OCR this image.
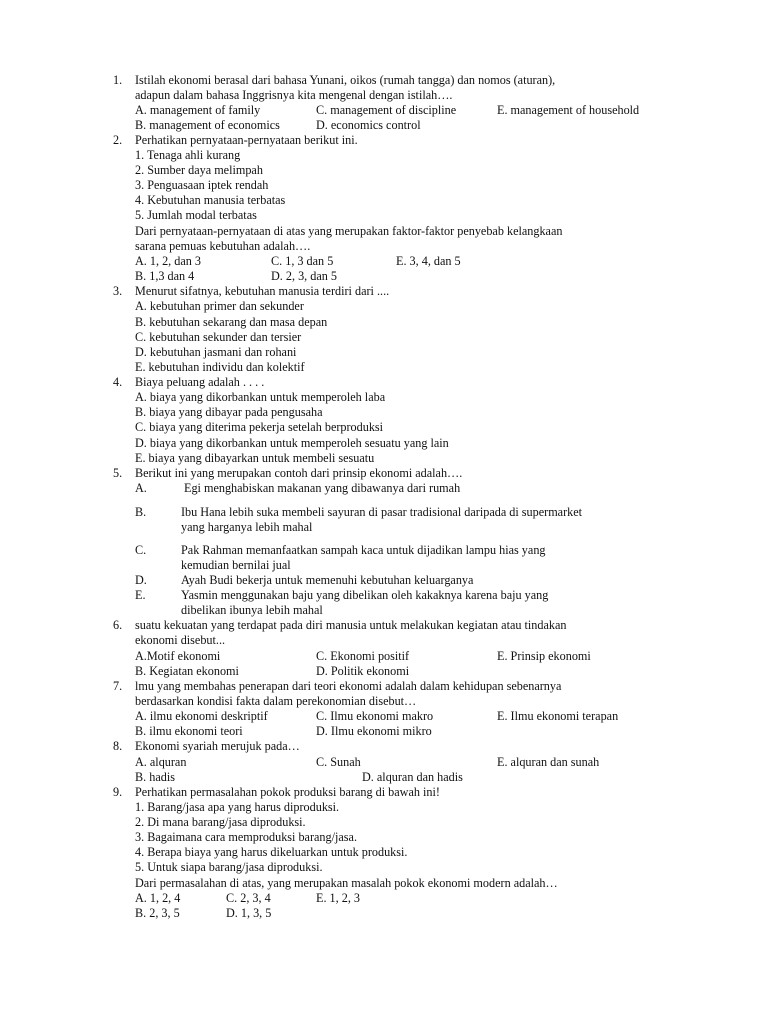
1. Istilah ekonomi berasal dari bahasa Yunani, oikos (rumah tangga) dan nomos (aturan),
adapun dalam bahasa Inggrisnya kita mengenal dengan istilah….
A. management of family	C. management of discipline	E. management of household
B. management of economics	D. economics control
2. Perhatikan pernyataan-pernyataan berikut ini.
1. Tenaga ahli kurang
2. Sumber daya melimpah
3. Penguasaan iptek rendah
4. Kebutuhan manusia terbatas
5. Jumlah modal terbatas
Dari pernyataan-pernyataan di atas yang merupakan faktor-faktor penyebab kelangkaan
sarana pemuas kebutuhan adalah….
A. 1, 2, dan 3	C. 1, 3 dan 5	E. 3, 4, dan 5
B. 1,3 dan 4	D. 2, 3, dan 5
3. Menurut sifatnya, kebutuhan manusia terdiri dari ....
A. kebutuhan primer dan sekunder
B. kebutuhan sekarang dan masa depan
C. kebutuhan sekunder dan tersier
D. kebutuhan jasmani dan rohani
E. kebutuhan individu dan kolektif
4. Biaya peluang adalah . . . .
A. biaya yang dikorbankan untuk memperoleh laba
B. biaya yang dibayar pada pengusaha
C. biaya yang diterima pekerja setelah berproduksi
D. biaya yang dikorbankan untuk memperoleh sesuatu yang lain
E. biaya yang dibayarkan untuk membeli sesuatu
5. Berikut ini yang merupakan contoh dari prinsip ekonomi adalah….
A.	Egi menghabiskan makanan yang dibawanya dari rumah
B.	Ibu Hana lebih suka membeli sayuran di pasar tradisional daripada di supermarket
yang harganya lebih mahal
C.	Pak Rahman memanfaatkan sampah kaca untuk dijadikan lampu hias yang
kemudian bernilai jual
D.	Ayah Budi bekerja untuk memenuhi kebutuhan keluarganya
E.	Yasmin menggunakan baju yang dibelikan oleh kakaknya karena baju yang
dibelikan ibunya lebih mahal
6. suatu kekuatan yang terdapat pada diri manusia untuk melakukan kegiatan atau tindakan
ekonomi disebut...
A.Motif ekonomi	C. Ekonomi positif	E. Prinsip ekonomi
B. Kegiatan ekonomi	D. Politik ekonomi
7. lmu yang membahas penerapan dari teori ekonomi adalah dalam kehidupan sebenarnya
berdasarkan kondisi fakta dalam perekonomian disebut…
A. ilmu ekonomi deskriptif	C. Ilmu ekonomi makro	E. Ilmu ekonomi terapan
B. ilmu ekonomi teori	D. Ilmu ekonomi mikro
8. Ekonomi syariah merujuk pada…
A. alquran	C. Sunah	E. alquran dan sunah
B. hadis	D. alquran dan hadis
9. Perhatikan permasalahan pokok produksi barang di bawah ini!
1. Barang/jasa apa yang harus diproduksi.
2. Di mana barang/jasa diproduksi.
3. Bagaimana cara memproduksi barang/jasa.
4. Berapa biaya yang harus dikeluarkan untuk produksi.
5. Untuk siapa barang/jasa diproduksi.
Dari permasalahan di atas, yang merupakan masalah pokok ekonomi modern adalah…
A. 1, 2, 4	C. 2, 3, 4	E. 1, 2, 3
B. 2, 3, 5	D. 1, 3, 5
